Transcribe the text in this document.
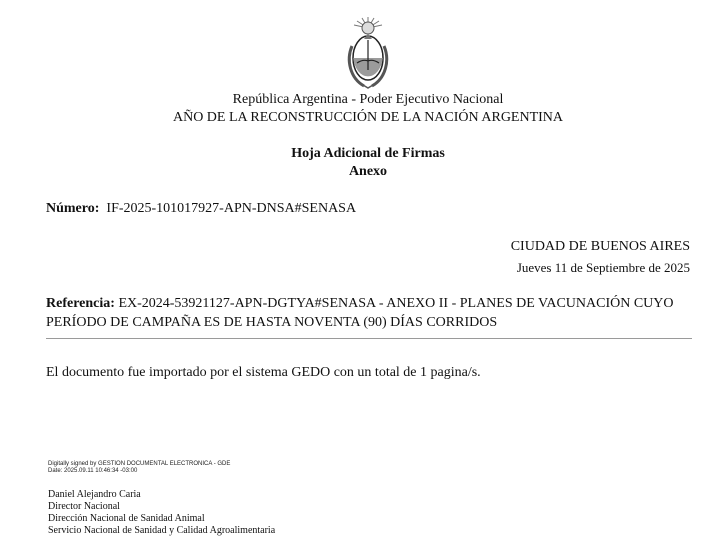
República Argentina - Poder Ejecutivo Nacional
AÑO DE LA RECONSTRUCCIÓN DE LA NACIÓN ARGENTINA
Hoja Adicional de Firmas
Anexo
Número: IF-2025-101017927-APN-DNSA#SENASA
CIUDAD DE BUENOS AIRES
Jueves 11 de Septiembre de 2025
Referencia: EX-2024-53921127-APN-DGTYA#SENASA - ANEXO II - PLANES DE VACUNACIÓN CUYO PERÍODO DE CAMPAÑA ES DE HASTA NOVENTA (90) DÍAS CORRIDOS
El documento fue importado por el sistema GEDO con un total de 1 pagina/s.
Digitally signed by GESTION DOCUMENTAL ELECTRONICA - GDE
Date: 2025.09.11 10:46:34 -03:00
Daniel Alejandro Caria
Director Nacional
Dirección Nacional de Sanidad Animal
Servicio Nacional de Sanidad y Calidad Agroalimentaria
